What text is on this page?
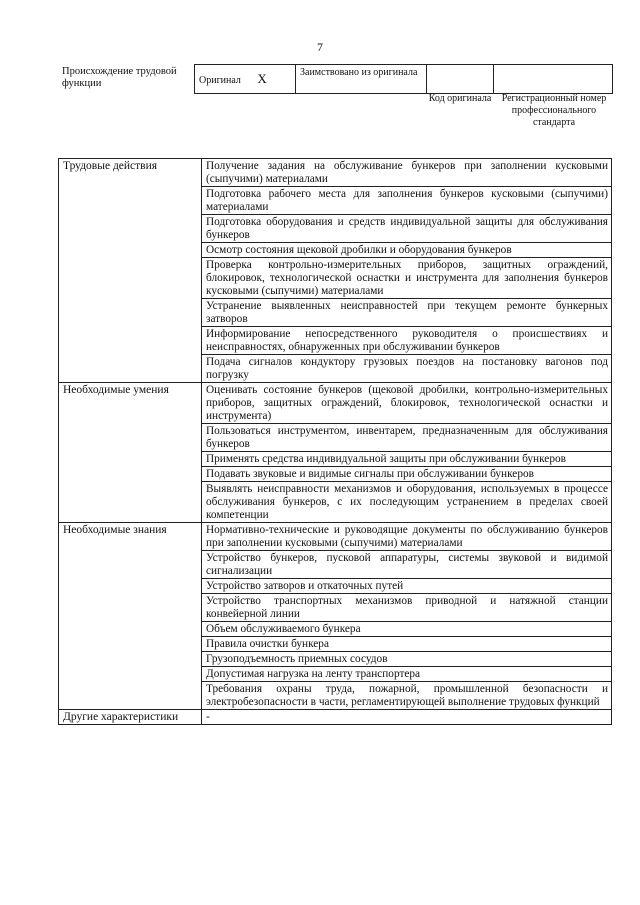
7
Происхождение трудовой функции	Оригинал X	Заимствовано из оригинала		
Код оригинала	Регистрационный номер профессионального стандарта
Трудовые действия	Получение задания на обслуживание бункеров при заполнении кусковыми (сыпучими) материалами
	Подготовка рабочего места для заполнения бункеров кусковыми (сыпучими) материалами
	Подготовка оборудования и средств индивидуальной защиты для обслуживания бункеров
	Осмотр состояния щековой дробилки и оборудования бункеров
	Проверка контрольно-измерительных приборов, защитных ограждений, блокировок, технологической оснастки и инструмента для заполнения бункеров кусковыми (сыпучими) материалами
	Устранение выявленных неисправностей при текущем ремонте бункерных затворов
	Информирование непосредственного руководителя о происшествиях и неисправностях, обнаруженных при обслуживании бункеров
	Подача сигналов кондуктору грузовых поездов на постановку вагонов под погрузку
Необходимые умения	Оценивать состояние бункеров (щековой дробилки, контрольно-измерительных приборов, защитных ограждений, блокировок, технологической оснастки и инструмента)
	Пользоваться инструментом, инвентарем, предназначенным для обслуживания бункеров
	Применять средства индивидуальной защиты при обслуживании бункеров
	Подавать звуковые и видимые сигналы при обслуживании бункеров
	Выявлять неисправности механизмов и оборудования, используемых в процессе обслуживания бункеров, с их последующим устранением в пределах своей компетенции
Необходимые знания	Нормативно-технические и руководящие документы по обслуживанию бункеров при заполнении кусковыми (сыпучими) материалами
	Устройство бункеров, пусковой аппаратуры, системы звуковой и видимой сигнализации
	Устройство затворов и откаточных путей
	Устройство транспортных механизмов приводной и натяжной станции конвейерной линии
	Объем обслуживаемого бункера
	Правила очистки бункера
	Грузоподъемность приемных сосудов
	Допустимая нагрузка на ленту транспортера
	Требования охраны труда, пожарной, промышленной безопасности и электробезопасности в части, регламентирующей выполнение трудовых функций
Другие характеристики	-
